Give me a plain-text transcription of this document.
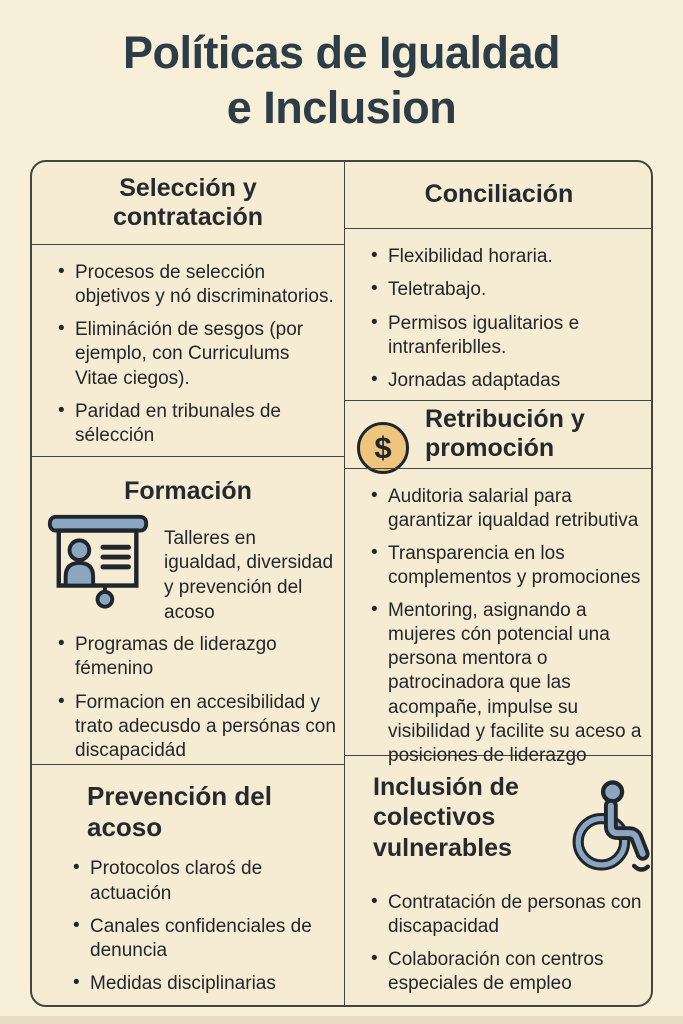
Políticas de Igualdad
e Inclusion
Selección y contratación
• Procesos de selección objetivos y nó discriminatorios.
• Elimináción de sesgos (por ejemplo, con Curriculums Vitae ciegos).
• Paridad en tribunales de sélección
Formación
Talleres en igualdad, diversidad y prevención del acoso
• Programas de liderazgo fémenino
• Formacion en accesibilidad y trato adecusdo a persónas con discapacidád
Prevención del acoso
• Protocolos claroś de actuación
• Canales confidenciales de denuncia
• Medidas disciplinarias
Conciliación
• Flexibilidad horaria.
• Teletrabajo.
• Permisos igualitarios e intranferiblles.
• Jornadas adaptadas
$
Retribución y promoción
• Auditoria salarial para garantizar iqualdad retributiva
• Transparencia en los complementos y promociones
• Mentoring, asignando a mujeres cón potencial una persona mentora o patrocinadora que las acompañe, impulse su visibilidad y facilite su aceso a posiciones de liderazgo
Inclusión de colectivos vulnerables
• Contratación de personas con discapacidad
• Colaboración con centros especiales de empleo
